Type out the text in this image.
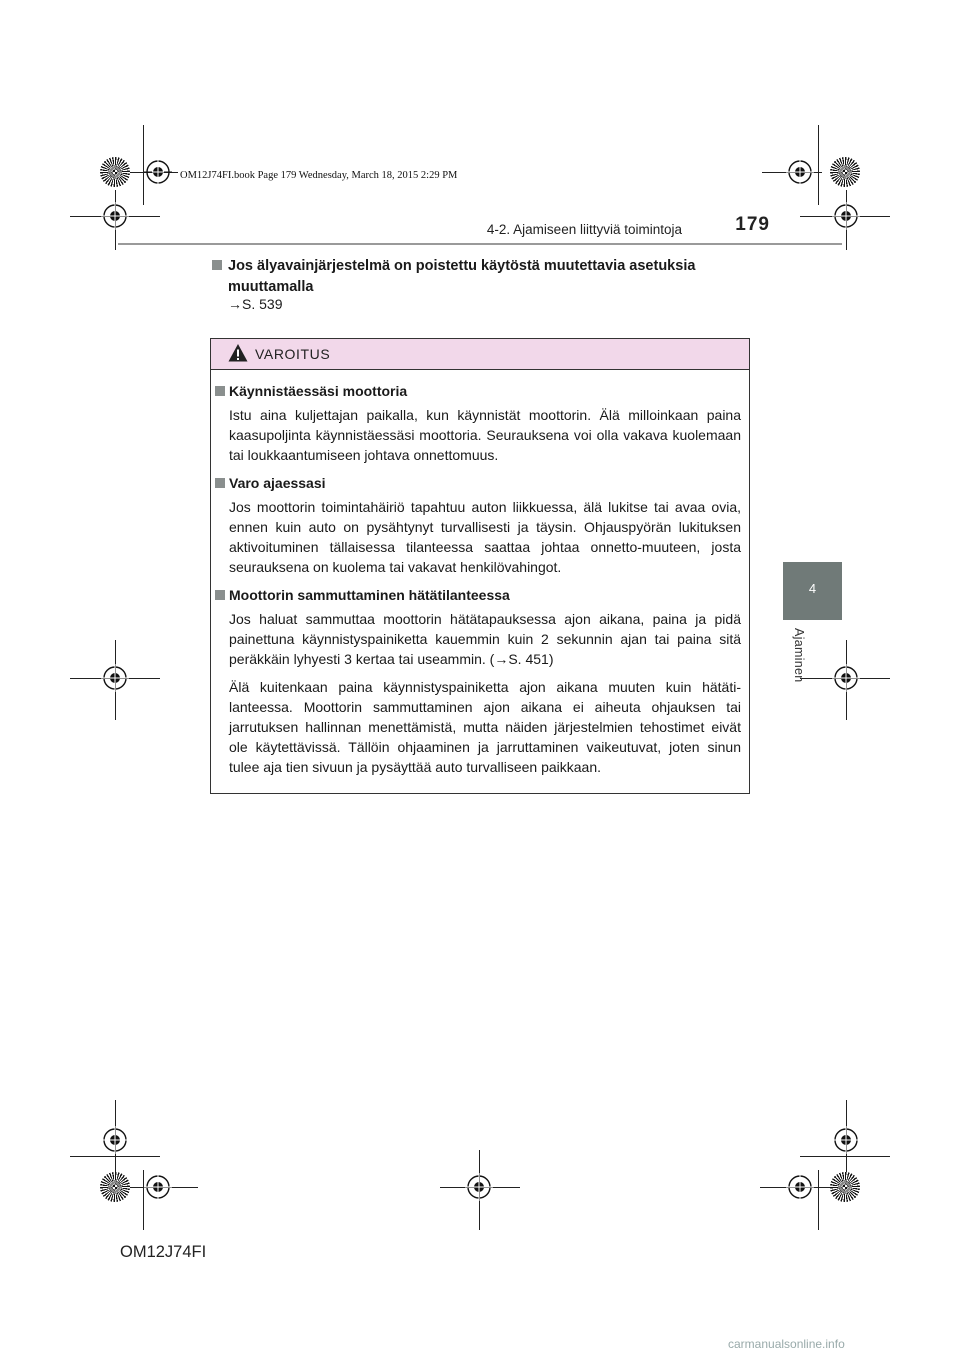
OM12J74FI.book Page 179 Wednesday, March 18, 2015 2:29 PM
4-2. Ajamiseen liittyviä toimintoja	179
4
Ajaminen
Jos älyavainjärjestelmä on poistettu käytöstä muutettavia asetuksia
muuttamalla
→S. 539
VAROITUS
Käynnistäessäsi moottoria
Istu aina kuljettajan paikalla, kun käynnistät moottorin. Älä milloinkaan paina kaasupoljinta käynnistäessäsi moottoria. Seurauksena voi olla vakava kuolemaan tai loukkaantumiseen johtava onnettomuus.
Varo ajaessasi
Jos moottorin toimintahäiriö tapahtuu auton liikkuessa, älä lukitse tai avaa ovia, ennen kuin auto on pysähtynyt turvallisesti ja täysin. Ohjauspyörän lukituksen aktivoituminen tällaisessa tilanteessa saattaa johtaa onnetto-muuteen, josta seurauksena on kuolema tai vakavat henkilövahingot.
Moottorin sammuttaminen hätätilanteessa
Jos haluat sammuttaa moottorin hätätapauksessa ajon aikana, paina ja pidä painettuna käynnistyspainiketta kauemmin kuin 2 sekunnin ajan tai paina sitä peräkkäin lyhyesti 3 kertaa tai useammin. (→S. 451)
Älä kuitenkaan paina käynnistyspainiketta ajon aikana muuten kuin hätäti-lanteessa. Moottorin sammuttaminen ajon aikana ei aiheuta ohjauksen tai jarrutuksen hallinnan menettämistä, mutta näiden järjestelmien tehostimet eivät ole käytettävissä. Tällöin ohjaaminen ja jarruttaminen vaikeutuvat, joten sinun tulee aja tien sivuun ja pysäyttää auto turvalliseen paikkaan.
OM12J74FI
carmanualsonline.info
